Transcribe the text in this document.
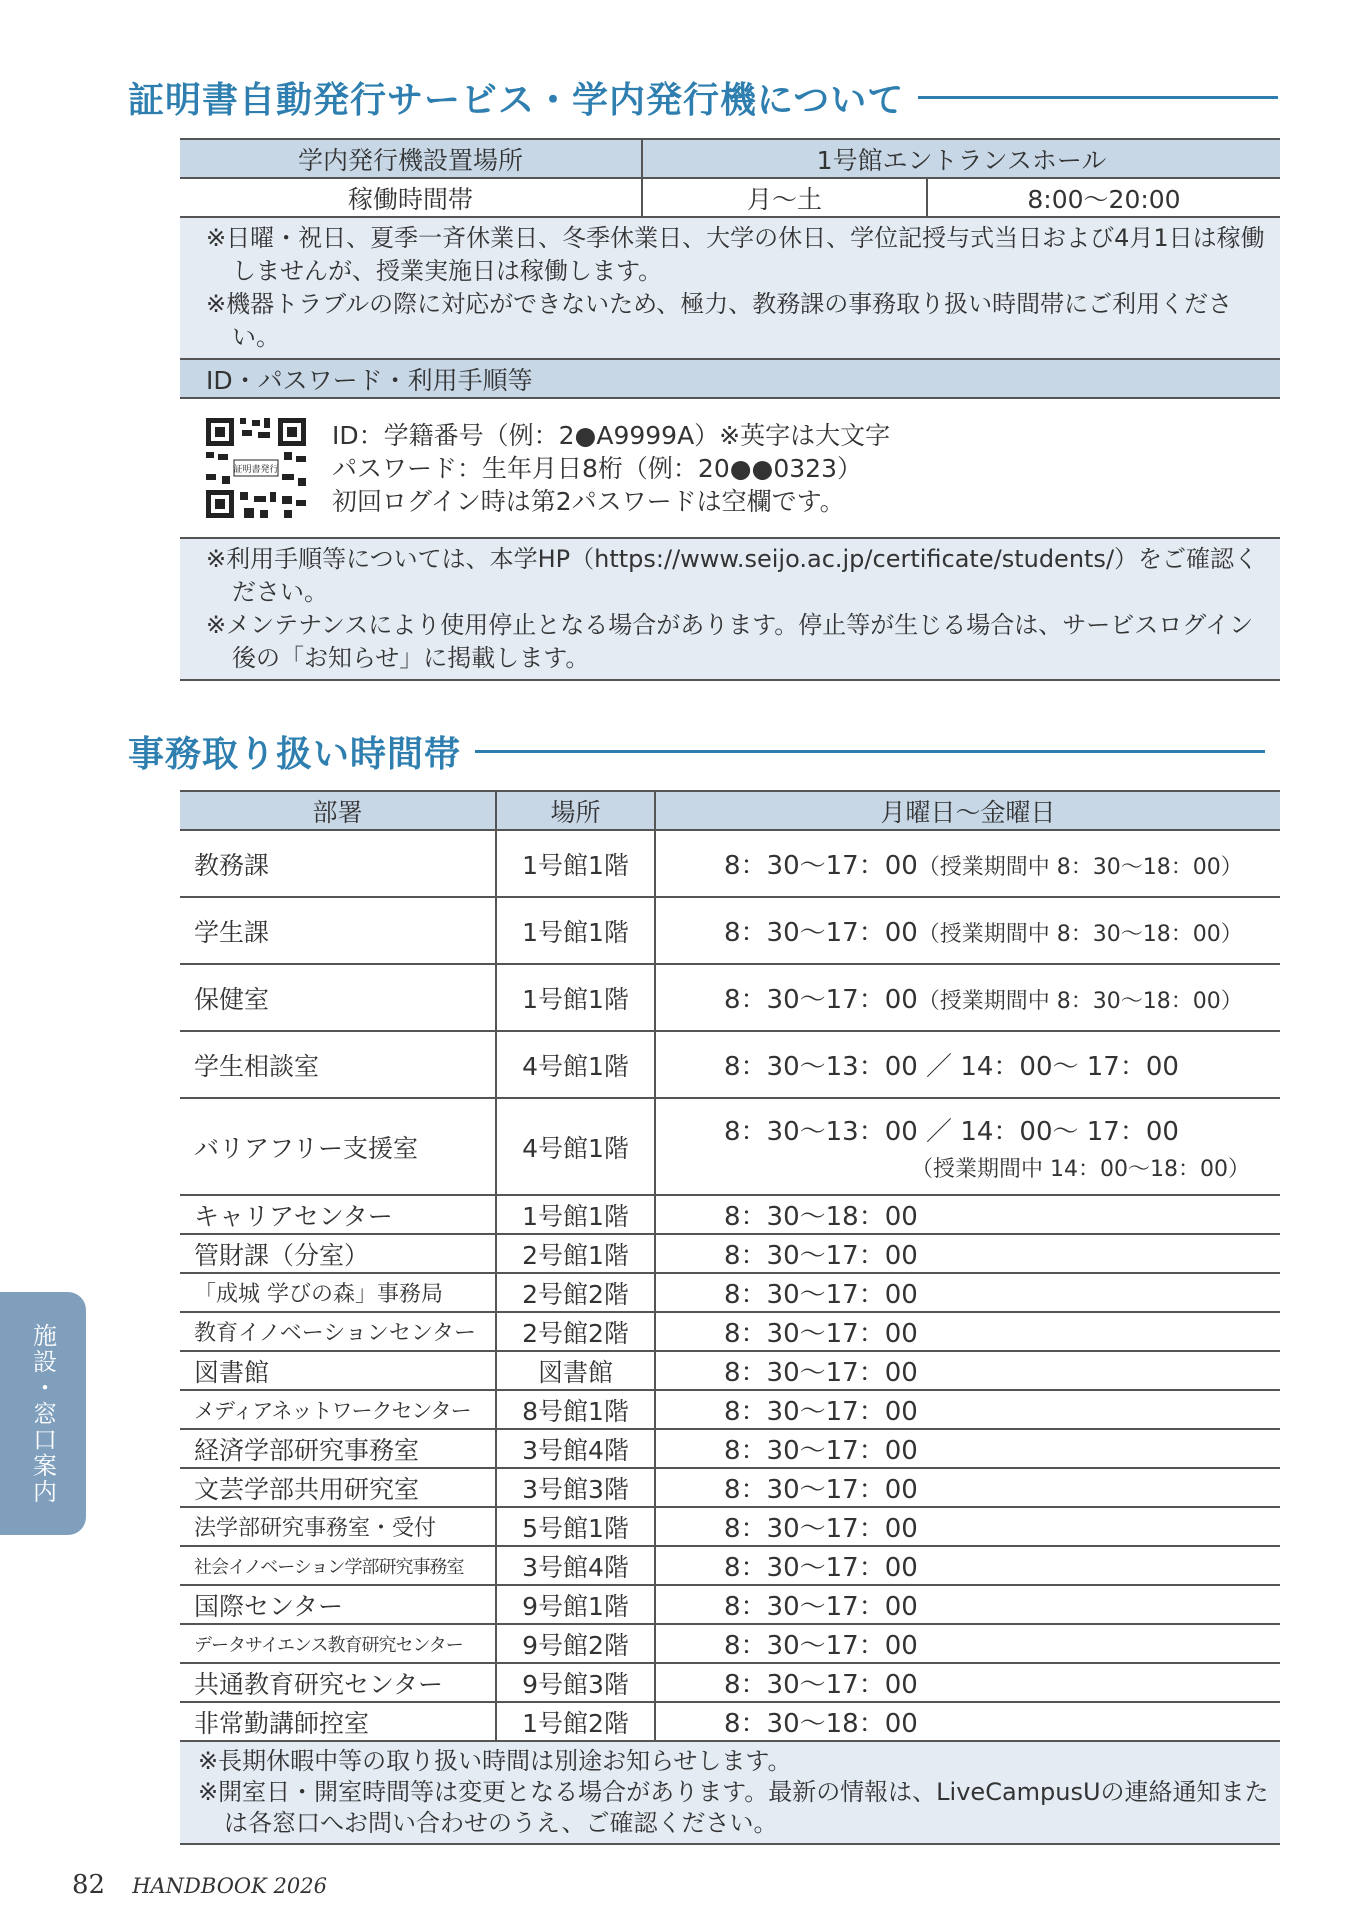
証明書自動発行サービス・学内発行機について
学内発行機設置場所	1号館エントランスホール	
稼働時間帯	月〜土	8:00〜20:00

※日曜・祝日、夏季一斉休業日、冬季休業日、大学の休日、学位記授与式当日および4月1日は稼働しませんが、授業実施日は稼働します。
※機器トラブルの際に対応ができないため、極力、教務課の事務取り扱い時間帯にご利用ください。		

ID・パスワード・利用手順等		

証明書発行
ID：学籍番号（例：2●A9999A）※英字は大文字
パスワード：生年月日8桁（例：20●●0323）
初回ログイン時は第2パスワードは空欄です。		

※利用手順等については、本学HP（https://www.seijo.ac.jp/certificate/students/）をご確認ください。
※メンテナンスにより使用停止となる場合があります。停止等が生じる場合は、サービスログイン後の「お知らせ」に掲載します。		
事務取り扱い時間帯
部署	場所	月曜日〜金曜日
教務課	1号館1階	8：30〜17：00（授業期間中 8：30〜18：00）
学生課	1号館1階	8：30〜17：00（授業期間中 8：30〜18：00）
保健室	1号館1階	8：30〜17：00（授業期間中 8：30〜18：00）
学生相談室	4号館1階	8：30〜13：00 ／ 14：00〜 17：00
バリアフリー支援室	4号館1階	8：30〜13：00 ／ 14：00〜 17：00
（授業期間中 14：00〜18：00）

キャリアセンター	1号館1階	8：30〜18：00
管財課（分室）	2号館1階	8：30〜17：00
「成城 学びの森」事務局	2号館2階	8：30〜17：00
教育イノベーションセンター	2号館2階	8：30〜17：00
図書館	図書館	8：30〜17：00
メディアネットワークセンター	8号館1階	8：30〜17：00
経済学部研究事務室	3号館4階	8：30〜17：00
文芸学部共用研究室	3号館3階	8：30〜17：00
法学部研究事務室・受付	5号館1階	8：30〜17：00
社会イノベーション学部研究事務室	3号館4階	8：30〜17：00
国際センター	9号館1階	8：30〜17：00
データサイエンス教育研究センター	9号館2階	8：30〜17：00
共通教育研究センター	9号館3階	8：30〜17：00
非常勤講師控室	1号館2階	8：30〜18：00

※長期休暇中等の取り扱い時間は別途お知らせします。
※開室日・開室時間等は変更となる場合があります。最新の情報は、LiveCampusUの連絡通知または各窓口へお問い合わせのうえ、ご確認ください。		
施設・窓口案内
82 HANDBOOK 2026
